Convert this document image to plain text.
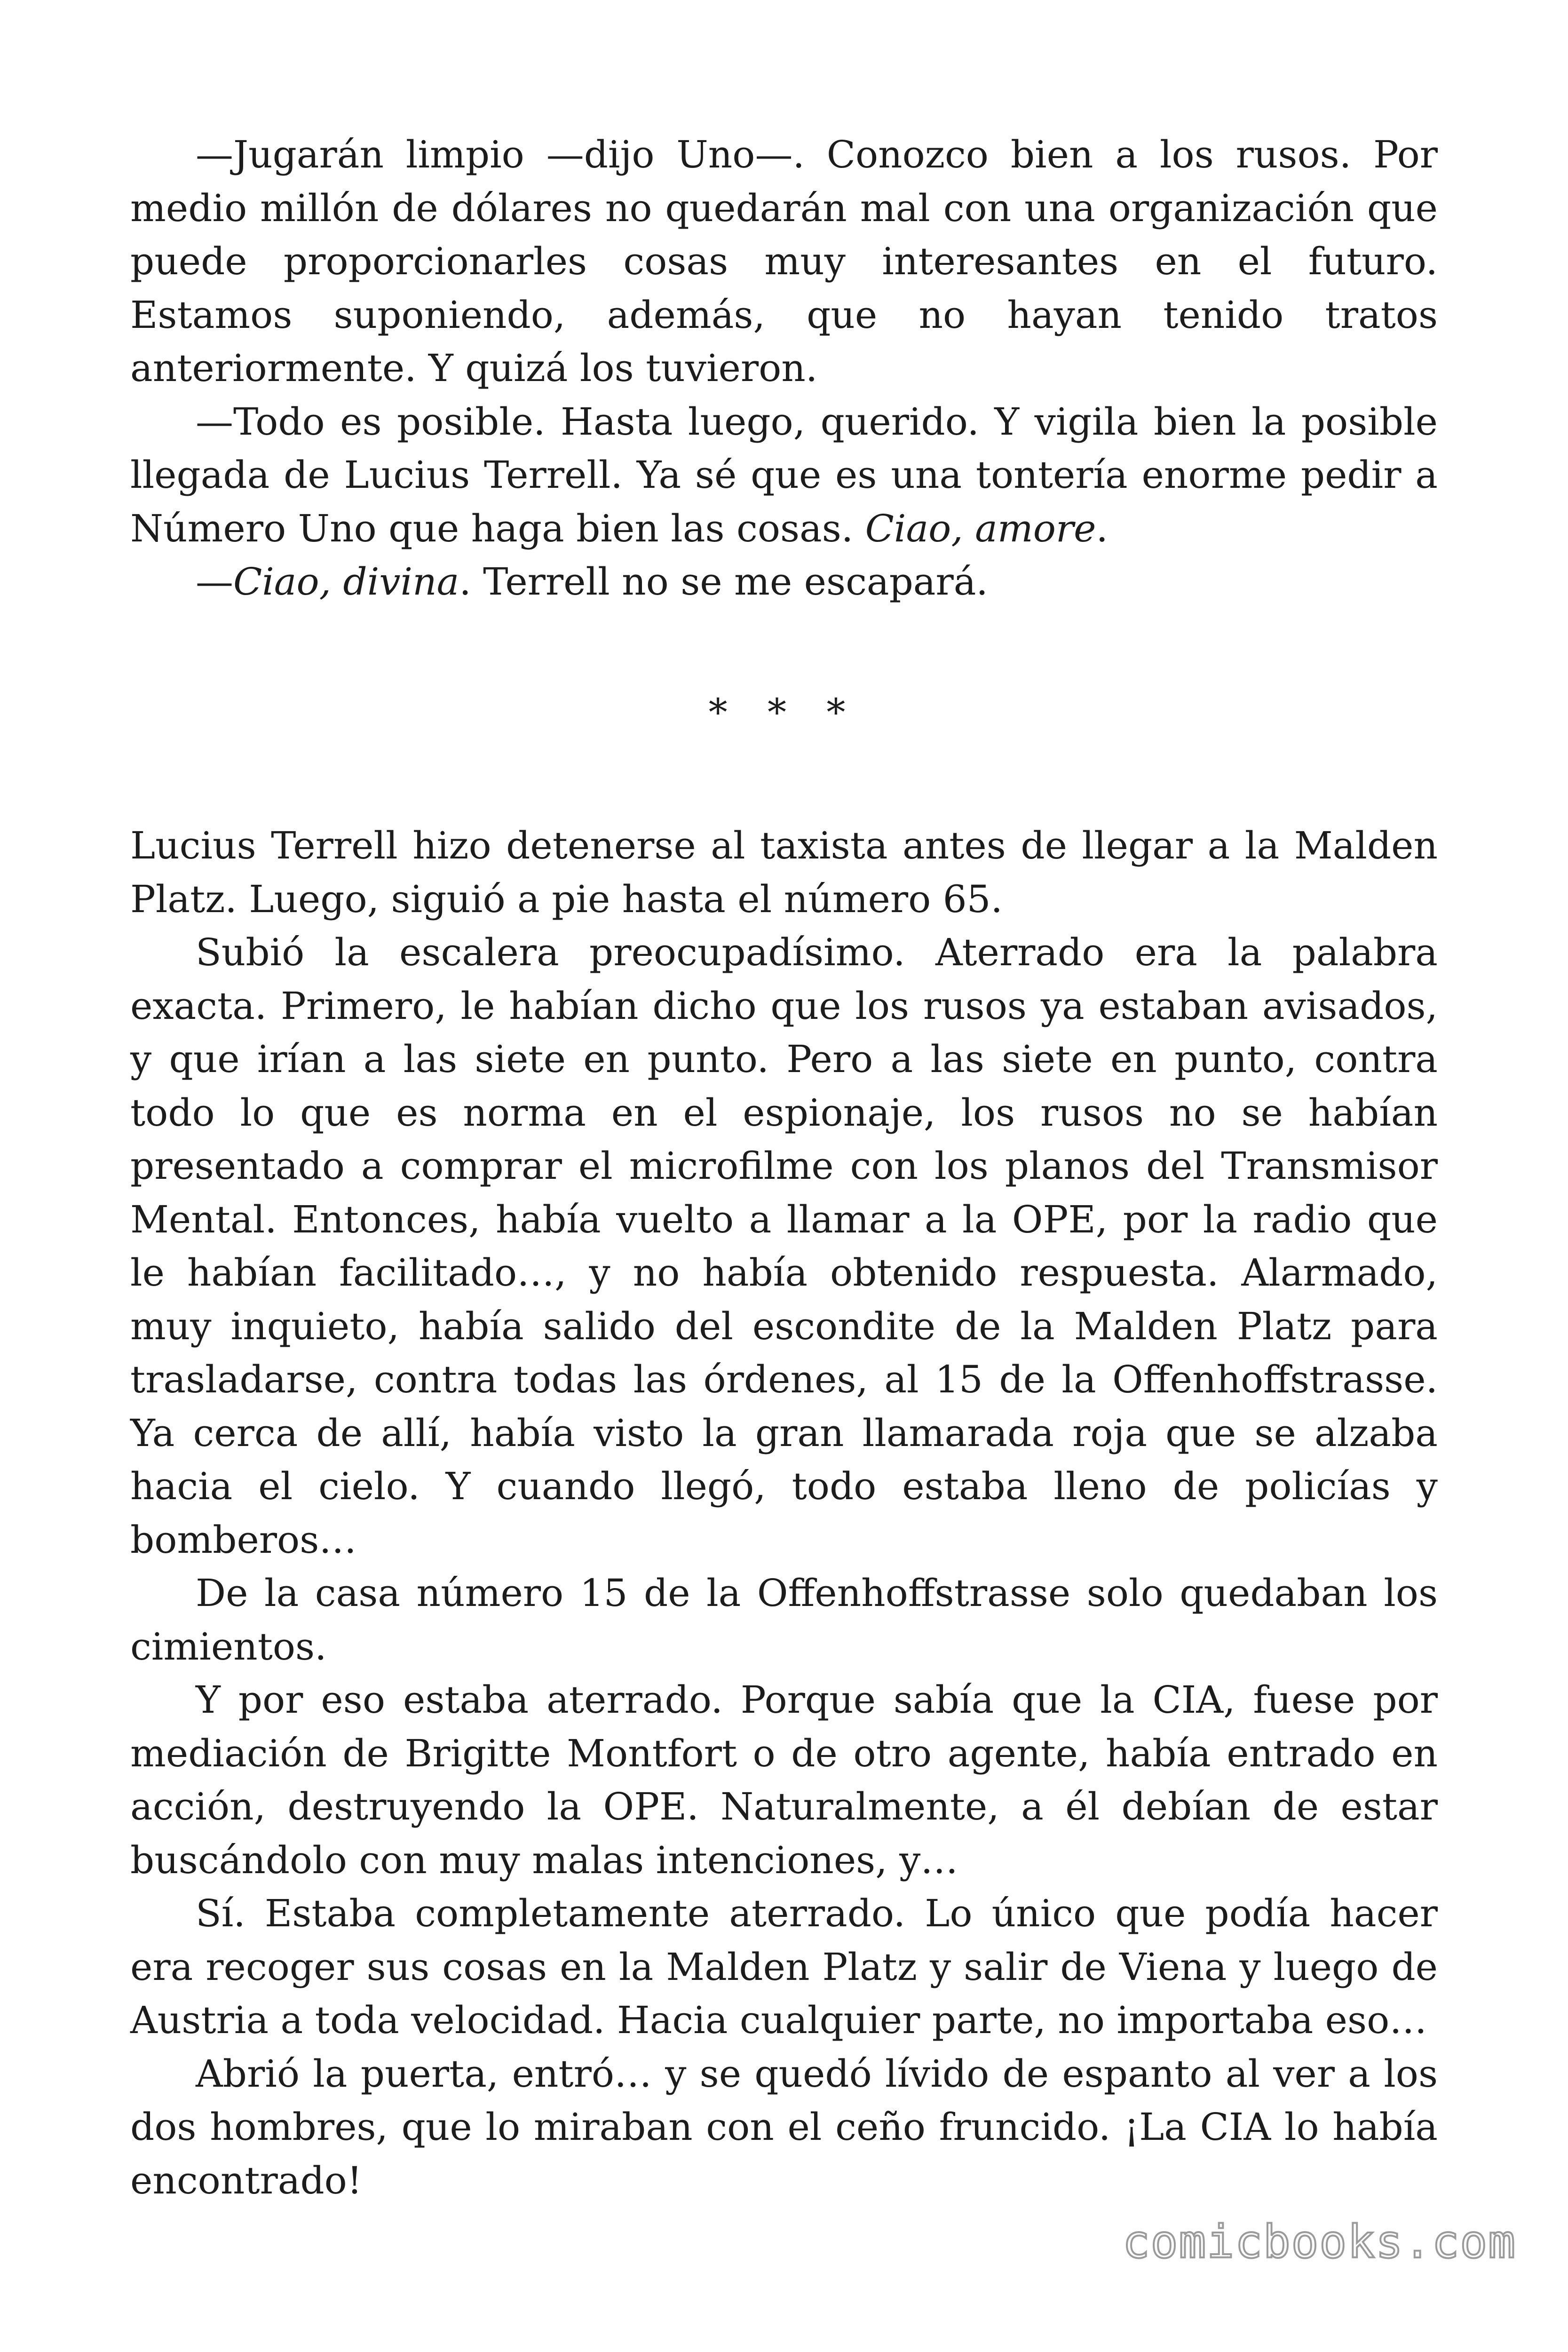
—Jugarán limpio —dijo Uno—. Conozco bien a los rusos. Por medio millón de dólares no quedarán mal con una organización que puede proporcionarles cosas muy interesantes en el futuro. Estamos suponiendo, además, que no hayan tenido tratos anteriormente. Y quizá los tuvieron.

—Todo es posible. Hasta luego, querido. Y vigila bien la posible llegada de Lucius Terrell. Ya sé que es una tontería enorme pedir a Número Uno que haga bien las cosas. Ciao, amore.

—Ciao, divina. Terrell no se me escapará.

* * *

Lucius Terrell hizo detenerse al taxista antes de llegar a la Malden Platz. Luego, siguió a pie hasta el número 65.

Subió la escalera preocupadísimo. Aterrado era la palabra exacta. Primero, le habían dicho que los rusos ya estaban avisados, y que irían a las siete en punto. Pero a las siete en punto, contra todo lo que es norma en el espionaje, los rusos no se habían presentado a comprar el microfilme con los planos del Transmisor Mental. Entonces, había vuelto a llamar a la OPE, por la radio que le habían facilitado…, y no había obtenido respuesta. Alarmado, muy inquieto, había salido del escondite de la Malden Platz para trasladarse, contra todas las órdenes, al 15 de la Offenhoffstrasse. Ya cerca de allí, había visto la gran llamarada roja que se alzaba hacia el cielo. Y cuando llegó, todo estaba lleno de policías y bomberos…

De la casa número 15 de la Offenhoffstrasse solo quedaban los cimientos.

Y por eso estaba aterrado. Porque sabía que la CIA, fuese por mediación de Brigitte Montfort o de otro agente, había entrado en acción, destruyendo la OPE. Naturalmente, a él debían de estar buscándolo con muy malas intenciones, y…

Sí. Estaba completamente aterrado. Lo único que podía hacer era recoger sus cosas en la Malden Platz y salir de Viena y luego de Austria a toda velocidad. Hacia cualquier parte, no importaba eso…

Abrió la puerta, entró… y se quedó lívido de espanto al ver a los dos hombres, que lo miraban con el ceño fruncido. ¡La CIA lo había encontrado!

comicbooks.com
